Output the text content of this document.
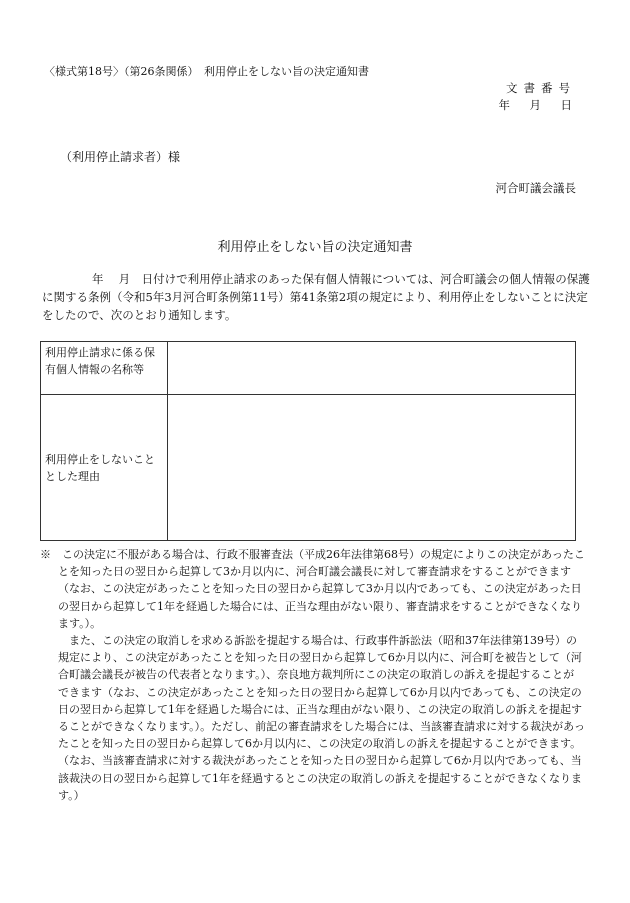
〈様式第18号〉（第26条関係）　利用停止をしない旨の決定通知書
文書番号
年　月　日
（利用停止請求者）様
河合町議会議長
利用停止をしない旨の決定通知書

年　 月　日付けで利用停止請求のあった保有個人情報については、河合町議会の個人情報の保護に関する条例（令和5年3月河合町条例第11号）第41条第2項の規定により、利用停止をしないことに決定をしたので、次のとおり通知します。

利用停止請求に係る保有個人情報の名称等	
利用停止をしないこととした理由	

※　この決定に不服がある場合は、行政不服審査法（平成26年法律第68号）の規定によりこの決定があったことを知った日の翌日から起算して3か月以内に、河合町議会議長に対して審査請求をすることができます（なお、この決定があったことを知った日の翌日から起算して3か月以内であっても、この決定があった日の翌日から起算して1年を経過した場合には、正当な理由がない限り、審査請求をすることができなくなります。）。

また、この決定の取消しを求める訴訟を提起する場合は、行政事件訴訟法（昭和37年法律第139号）の規定により、この決定があったことを知った日の翌日から起算して6か月以内に、河合町を被告として（河合町議会議長が被告の代表者となります。）、奈良地方裁判所にこの決定の取消しの訴えを提起することができます（なお、この決定があったことを知った日の翌日から起算して6か月以内であっても、この決定の日の翌日から起算して1年を経過した場合には、正当な理由がない限り、この決定の取消しの訴えを提起することができなくなります。）。ただし、前記の審査請求をした場合には、当該審査請求に対する裁決があったことを知った日の翌日から起算して6か月以内に、この決定の取消しの訴えを提起することができます。（なお、当該審査請求に対する裁決があったことを知った日の翌日から起算して6か月以内であっても、当該裁決の日の翌日から起算して1年を経過するとこの決定の取消しの訴えを提起することができなくなります。）
